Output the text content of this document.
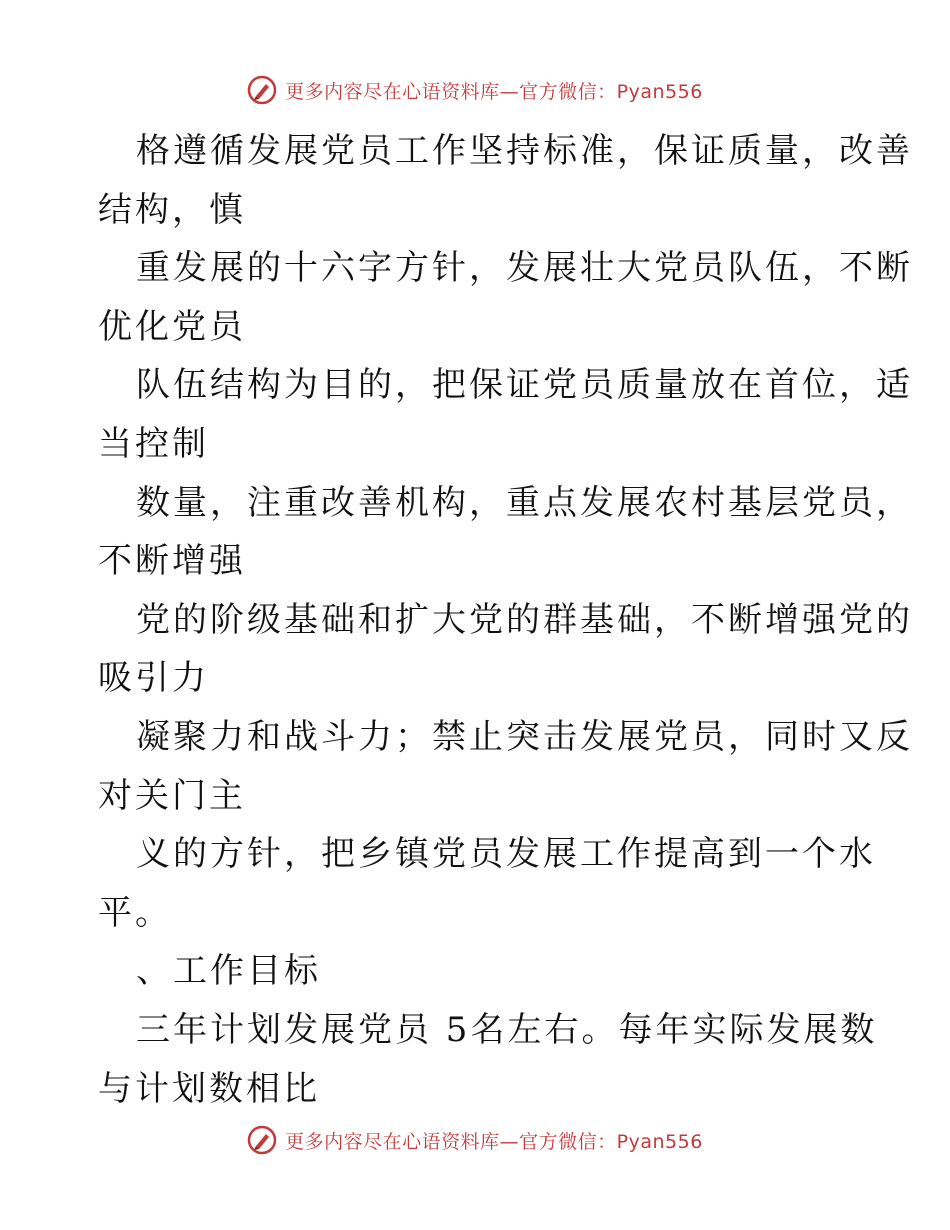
更多内容尽在心语资料库—官方微信：Pyan556
格遵循发展党员工作坚持标准，保证质量，改善
结构，慎
重发展的十六字方针，发展壮大党员队伍，不断
优化党员
队伍结构为目的，把保证党员质量放在首位，适
当控制
数量，注重改善机构，重点发展农村基层党员，
不断增强
党的阶级基础和扩大党的群基础，不断增强党的
吸引力
凝聚力和战斗力；禁止突击发展党员，同时又反
对关门主
义的方针，把乡镇党员发展工作提高到一个水
平。
、工作目标
三年计划发展党员 5名左右。每年实际发展数
与计划数相比
更多内容尽在心语资料库—官方微信：Pyan556
